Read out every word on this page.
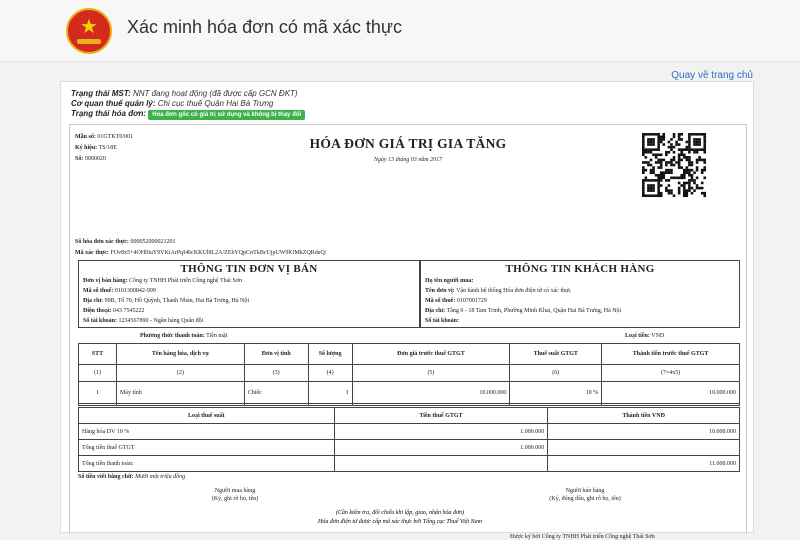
★	Xác minh hóa đơn có mã xác thực
Quay về trang chủ
Trạng thái MST: NNT đang hoạt động (đã được cấp GCN ĐKT)
Cơ quan thuế quản lý: Chi cục thuế Quận Hai Bà Trưng
Trạng thái hóa đơn: Hóa đơn gốc có giá trị sử dụng và không bị thay đổi
Mẫu số: 01GTKT0/001
Ký hiệu: TS/18E
Số: 0000020
HÓA ĐƠN GIÁ TRỊ GIA TĂNG
Ngày 13 tháng 03 năm 2017
Số hóa đơn xác thực: 000052000021201
Mã xác thực: FOv8x5+4OHl0uY9VKiArPqI46cKKUl8L2A/ZEbYQpCnTkBcUjpUW9lOMkZQRdeQ/
THÔNG TIN ĐƠN VỊ BÁN
Đơn vị bán hàng: Công ty TNHH Phát triển Công nghệ Thái Sơn
Mã số thuế: 0101300842-999
Địa chỉ: 99B, Tổ 70, Hồ Quỳnh, Thanh Nhàn, Hai Bà Trưng, Hà Nội
Điện thoại: 043 7545222
Số tài khoản: 1234567890 - Ngân hàng Quân đội
THÔNG TIN KHÁCH HÀNG
Họ tên người mua:
Tên đơn vị: Vận hành hệ thống Hóa đơn điện tử có xác thực
Mã số thuế: 0107001729
Địa chỉ: Tầng 9 - 18 Tam Trinh, Phường Minh Khai, Quận Hai Bà Trưng, Hà Nội
Số tài khoản:
Phương thức thanh toán: Tiền mặt	Loại tiền: VND
STT	Tên hàng hóa, dịch vụ	Đơn vị tính	Số lượng	Đơn giá trước thuế GTGT	Thuế suất GTGT	Thành tiền trước thuế GTGT
(1)	(2)	(3)	(4)	(5)	(6)	(7=4x5)
1	Máy tính	Chiếc	1	10.000.000	10 %	10.000.000

Loại thuế suất	Tiền thuế GTGT	Thành tiền VNĐ
Hàng hóa DV 10 %	1.000.000	10.000.000
Tổng tiền thuế GTGT	1.000.000	
Tổng tiền thanh toán:		11.000.000
Số tiền viết bằng chữ: Mười một triệu đồng
Người mua hàng
(Ký, ghi rõ họ, tên)
Người bán hàng
(Ký, đóng dấu, ghi rõ họ, tên)
Được ký bởi Công ty TNHH Phát triển Công nghệ Thái Sơn
(Cần kiểm tra, đối chiếu khi lập, giao, nhận hóa đơn)
Hóa đơn điện tử được cấp mã xác thực bởi Tổng cục Thuế Việt Nam
